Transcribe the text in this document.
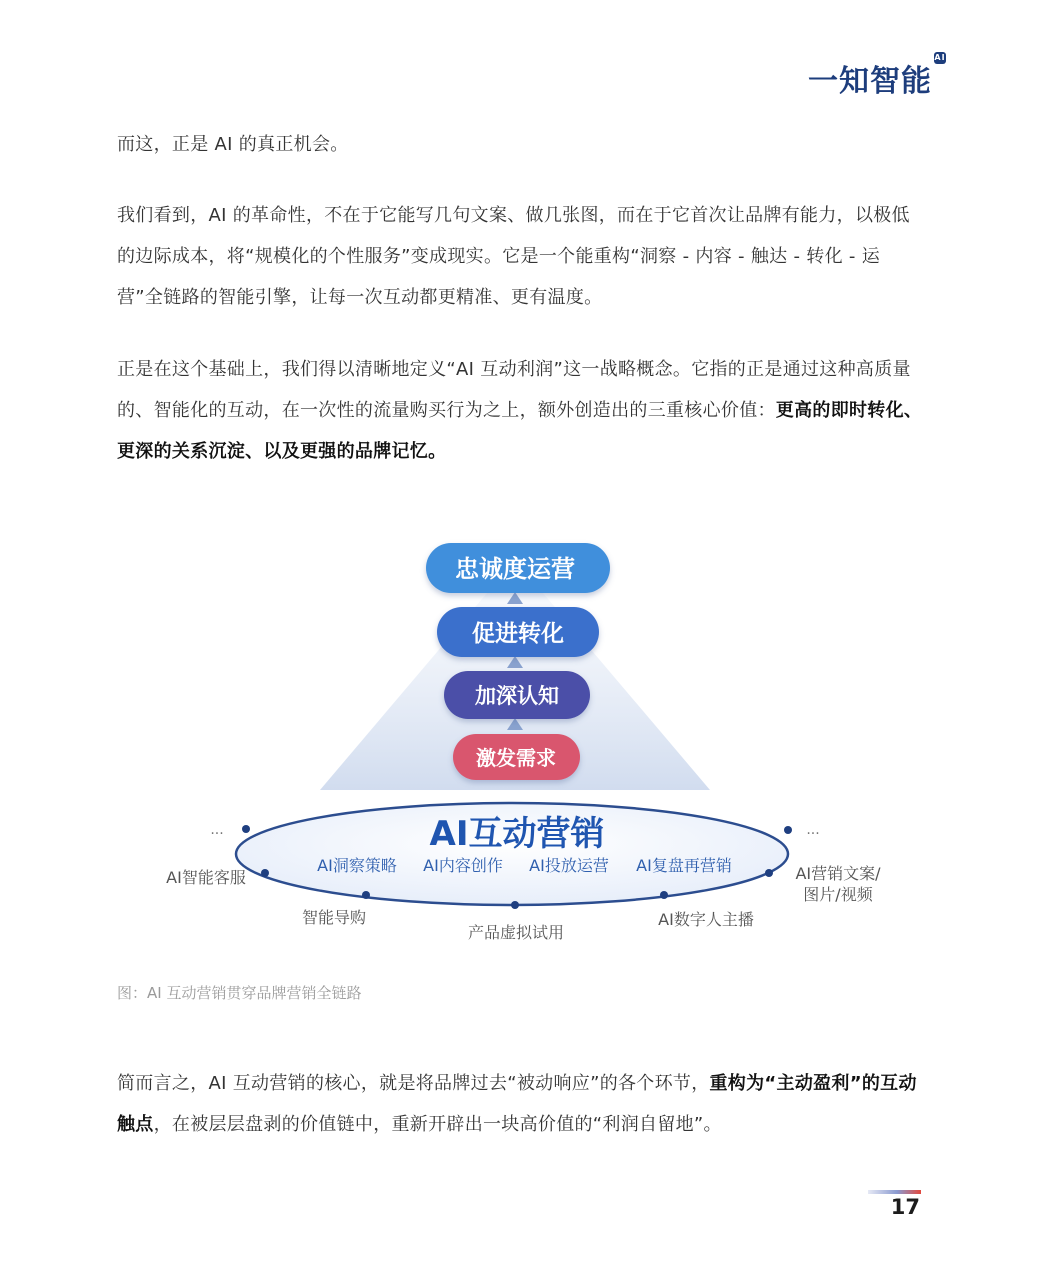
一知智能
AI

而这，正是 AI 的真正机会。

我们看到，AI 的革命性，不在于它能写几句文案、做几张图，而在于它首次让品牌有能力，以极低的边际成本，将“规模化的个性服务”变成现实。它是一个能重构“洞察 - 内容 - 触达 - 转化 - 运营”全链路的智能引擎，让每一次互动都更精准、更有温度。

正是在这个基础上，我们得以清晰地定义“AI 互动利润”这一战略概念。它指的正是通过这种高质量的、智能化的互动，在一次性的流量购买行为之上，额外创造出的三重核心价值：更高的即时转化、更深的关系沉淀、以及更强的品牌记忆。

忠诚度运营
促进转化
加深认知
激发需求
AI互动营销
AI洞察策略 AI内容创作 AI投放运营 AI复盘再营销
...	...
AI智能客服	AI营销文案/
图片/视频
智能导购
产品虚拟试用
AI数字人主播

图：AI 互动营销贯穿品牌营销全链路

简而言之，AI 互动营销的核心，就是将品牌过去“被动响应”的各个环节，重构为“主动盈利”的互动触点，在被层层盘剥的价值链中，重新开辟出一块高价值的“利润自留地”。

17
